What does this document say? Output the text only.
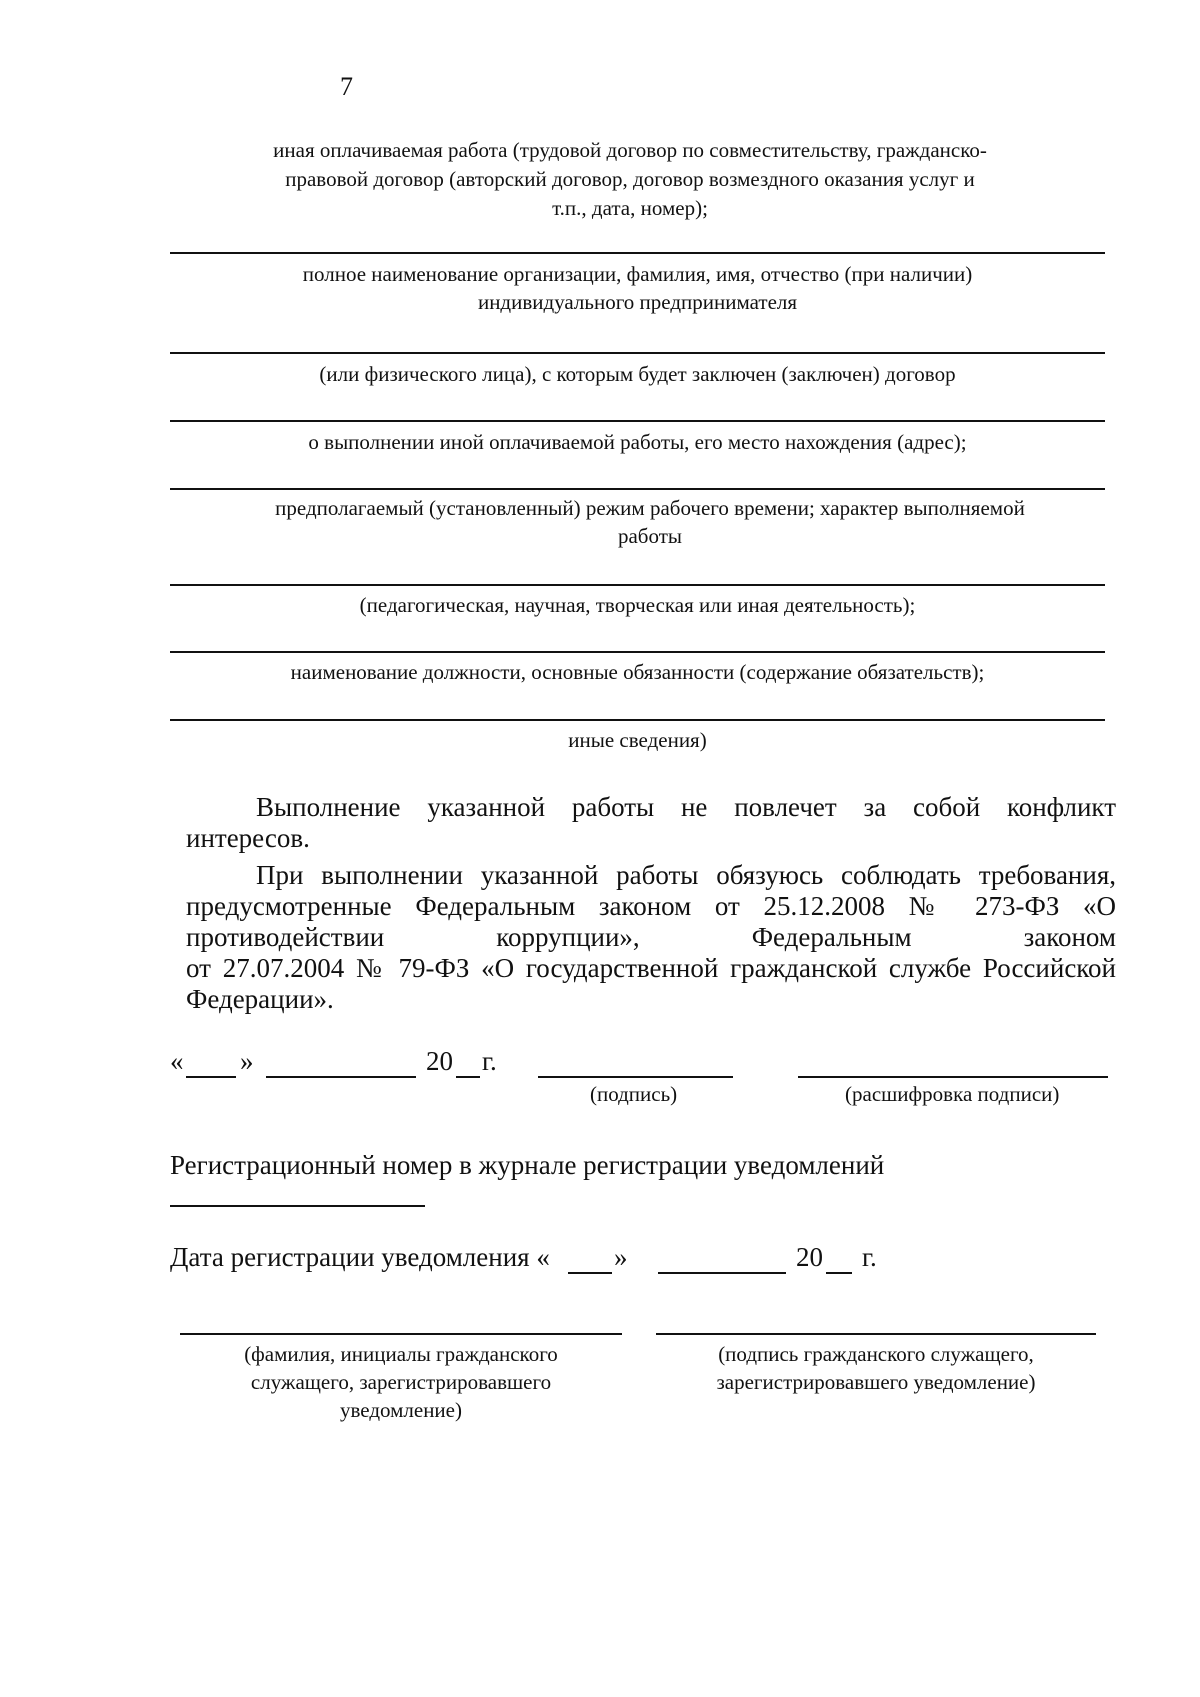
7
иная оплачиваемая работа (трудовой договор по совместительству, гражданско-
правовой договор (авторский договор, договор возмездного оказания услуг и
т.п., дата, номер);
полное наименование организации, фамилия, имя, отчество (при наличии)
индивидуального предпринимателя
(или физического лица), с которым будет заключен (заключен) договор
о выполнении иной оплачиваемой работы, его место нахождения (адрес);
предполагаемый (установленный) режим рабочего времени; характер выполняемой
работы
(педагогическая, научная, творческая или иная деятельность);
наименование должности, основные обязанности (содержание обязательств);
иные сведения)
Выполнение указанной работы не повлечет за собой конфликт
интересов.
При выполнении указанной работы обязуюсь соблюдать требования,
предусмотренные Федеральным законом от 25.12.2008 № 273-ФЗ «О
противодействии коррупции», Федеральным законом
от 27.07.2004 № 79-ФЗ «О государственной гражданской службе Российской
Федерации».
« »	20 г.
(подпись)	(расшифровка подписи)
Регистрационный номер в журнале регистрации уведомлений
Дата регистрации уведомления « »	20 г.
(фамилия, инициалы гражданского
служащего, зарегистрировавшего
уведомление)
(подпись гражданского служащего,
зарегистрировавшего уведомление)
